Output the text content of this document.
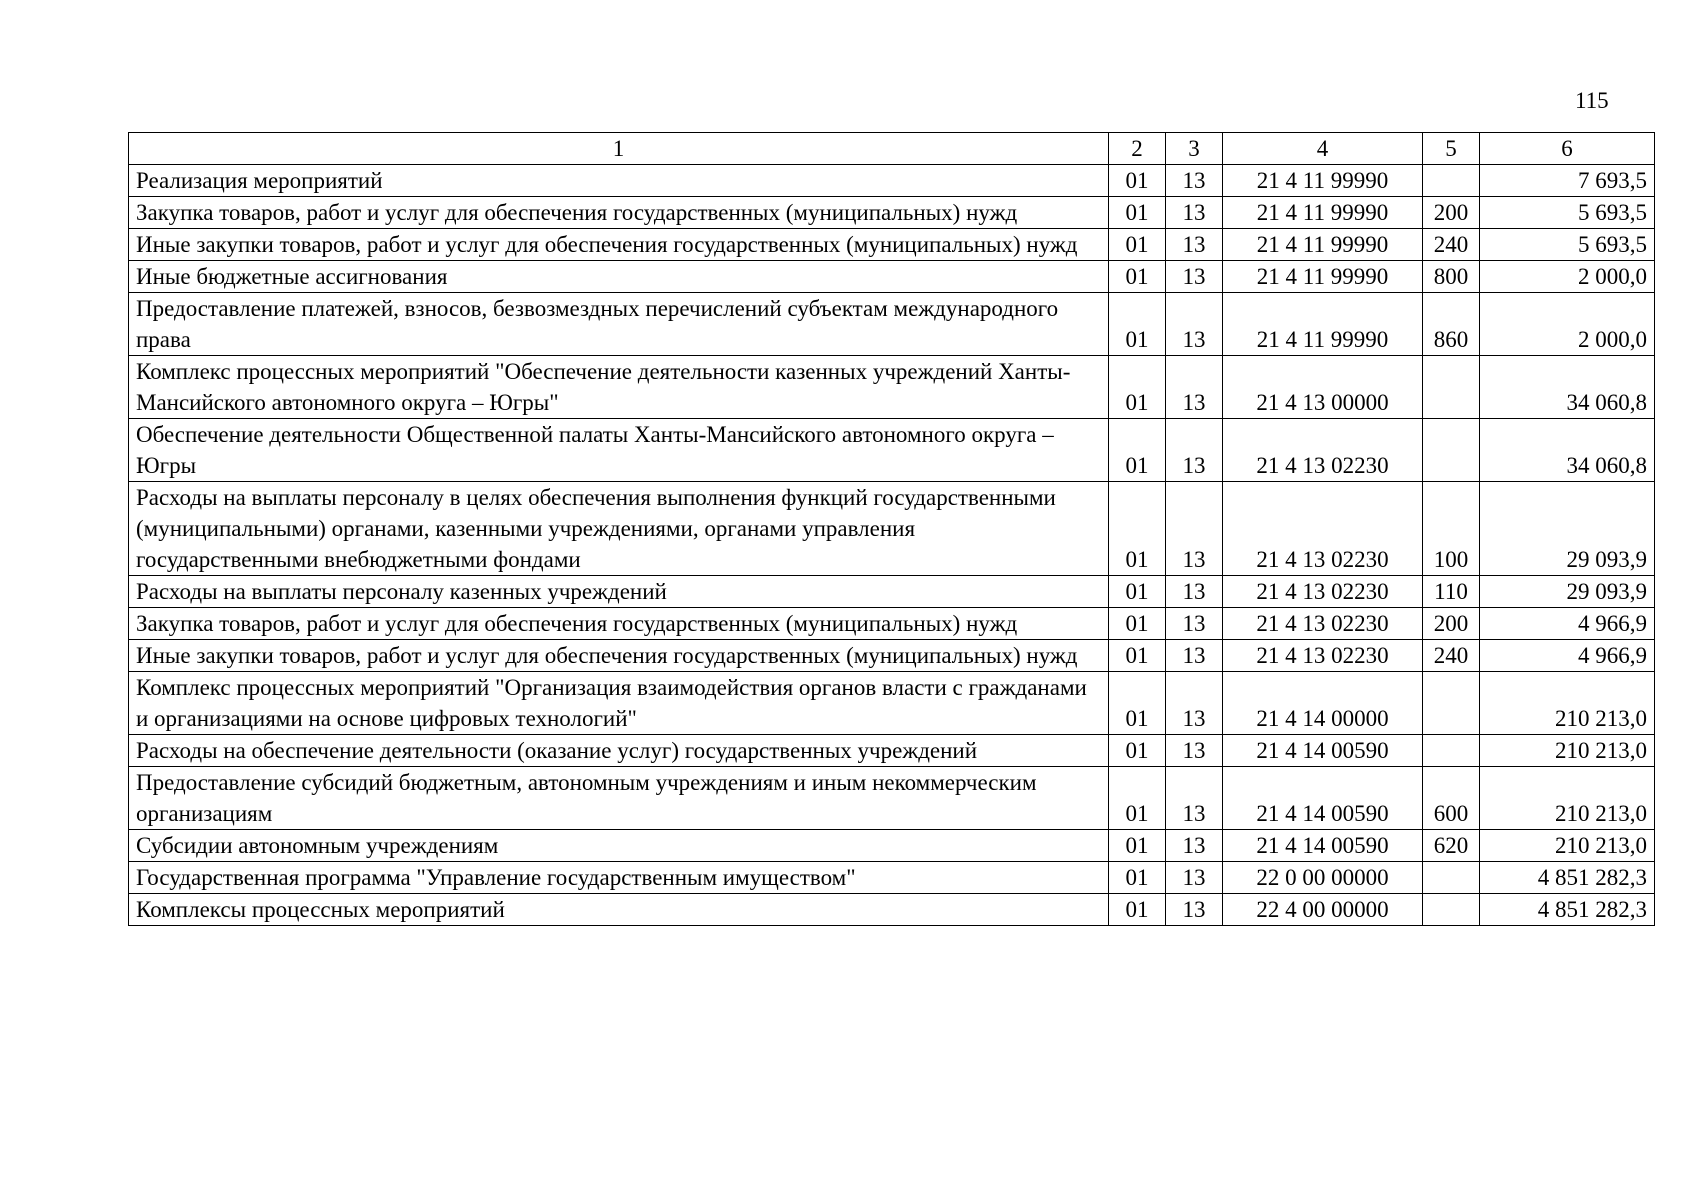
115
1	2	3	4	5	6
Реализация мероприятий	01	13	21 4 11 99990		7 693,5
Закупка товаров, работ и услуг для обеспечения государственных (муниципальных) нужд	01	13	21 4 11 99990	200	5 693,5
Иные закупки товаров, работ и услуг для обеспечения государственных (муниципальных) нужд	01	13	21 4 11 99990	240	5 693,5
Иные бюджетные ассигнования	01	13	21 4 11 99990	800	2 000,0
Предоставление платежей, взносов, безвозмездных перечислений субъектам международного права	01	13	21 4 11 99990	860	2 000,0
Комплекс процессных мероприятий "Обеспечение деятельности казенных учреждений Ханты-Мансийского автономного округа – Югры"	01	13	21 4 13 00000		34 060,8
Обеспечение деятельности Общественной палаты Ханты-Мансийского автономного округа – Югры	01	13	21 4 13 02230		34 060,8
Расходы на выплаты персоналу в целях обеспечения выполнения функций государственными (муниципальными) органами, казенными учреждениями, органами управления государственными внебюджетными фондами	01	13	21 4 13 02230	100	29 093,9
Расходы на выплаты персоналу казенных учреждений	01	13	21 4 13 02230	110	29 093,9
Закупка товаров, работ и услуг для обеспечения государственных (муниципальных) нужд	01	13	21 4 13 02230	200	4 966,9
Иные закупки товаров, работ и услуг для обеспечения государственных (муниципальных) нужд	01	13	21 4 13 02230	240	4 966,9
Комплекс процессных мероприятий "Организация взаимодействия органов власти с гражданами и организациями на основе цифровых технологий"	01	13	21 4 14 00000		210 213,0
Расходы на обеспечение деятельности (оказание услуг) государственных учреждений	01	13	21 4 14 00590		210 213,0
Предоставление субсидий бюджетным, автономным учреждениям и иным некоммерческим организациям	01	13	21 4 14 00590	600	210 213,0
Субсидии автономным учреждениям	01	13	21 4 14 00590	620	210 213,0
Государственная программа "Управление государственным имуществом"	01	13	22 0 00 00000		4 851 282,3
Комплексы процессных мероприятий	01	13	22 4 00 00000		4 851 282,3
